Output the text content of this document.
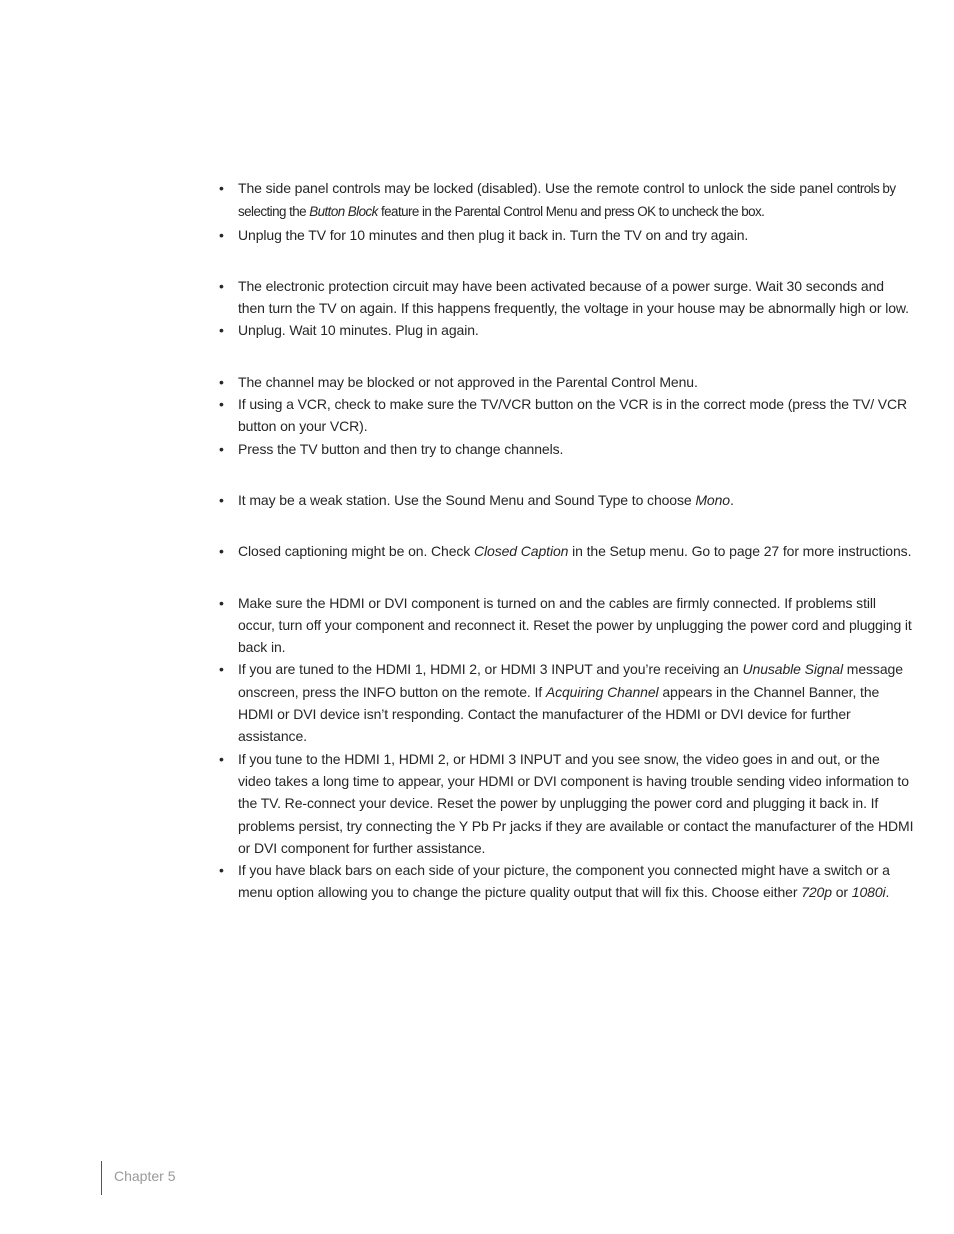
• The side panel controls may be locked (disabled). Use the remote control to unlock the side panel controls by selecting the Button Block feature in the Parental Control Menu and press OK to uncheck the box.
• Unplug the TV for 10 minutes and then plug it back in. Turn the TV on and try again.
• The electronic protection circuit may have been activated because of a power surge. Wait 30 seconds and then turn the TV on again. If this happens frequently, the voltage in your house may be abnormally high or low.
• Unplug. Wait 10 minutes. Plug in again.
• The channel may be blocked or not approved in the Parental Control Menu.
• If using a VCR, check to make sure the TV/VCR button on the VCR is in the correct mode (press the TV/ VCR button on your VCR).
• Press the TV button and then try to change channels.
• It may be a weak station. Use the Sound Menu and Sound Type to choose Mono.
• Closed captioning might be on. Check Closed Caption in the Setup menu. Go to page 27 for more instructions.
• Make sure the HDMI or DVI component is turned on and the cables are firmly connected. If problems still occur, turn off your component and reconnect it. Reset the power by unplugging the power cord and plugging it back in.
• If you are tuned to the HDMI 1, HDMI 2, or HDMI 3 INPUT and you’re receiving an Unusable Signal message onscreen, press the INFO button on the remote. If Acquiring Channel appears in the Channel Banner, the HDMI or DVI device isn’t responding. Contact the manufacturer of the HDMI or DVI device for further assistance.
• If you tune to the HDMI 1, HDMI 2, or HDMI 3 INPUT and you see snow, the video goes in and out, or the video takes a long time to appear, your HDMI or DVI component is having trouble sending video information to the TV. Re-connect your device. Reset the power by unplugging the power cord and plugging it back in. If problems persist, try connecting the Y Pb Pr jacks if they are available or contact the manufacturer of the HDMI or DVI component for further assistance.
• If you have black bars on each side of your picture, the component you connected might have a switch or a menu option allowing you to change the picture quality output that will fix this. Choose either 720p or 1080i.
Chapter 5
